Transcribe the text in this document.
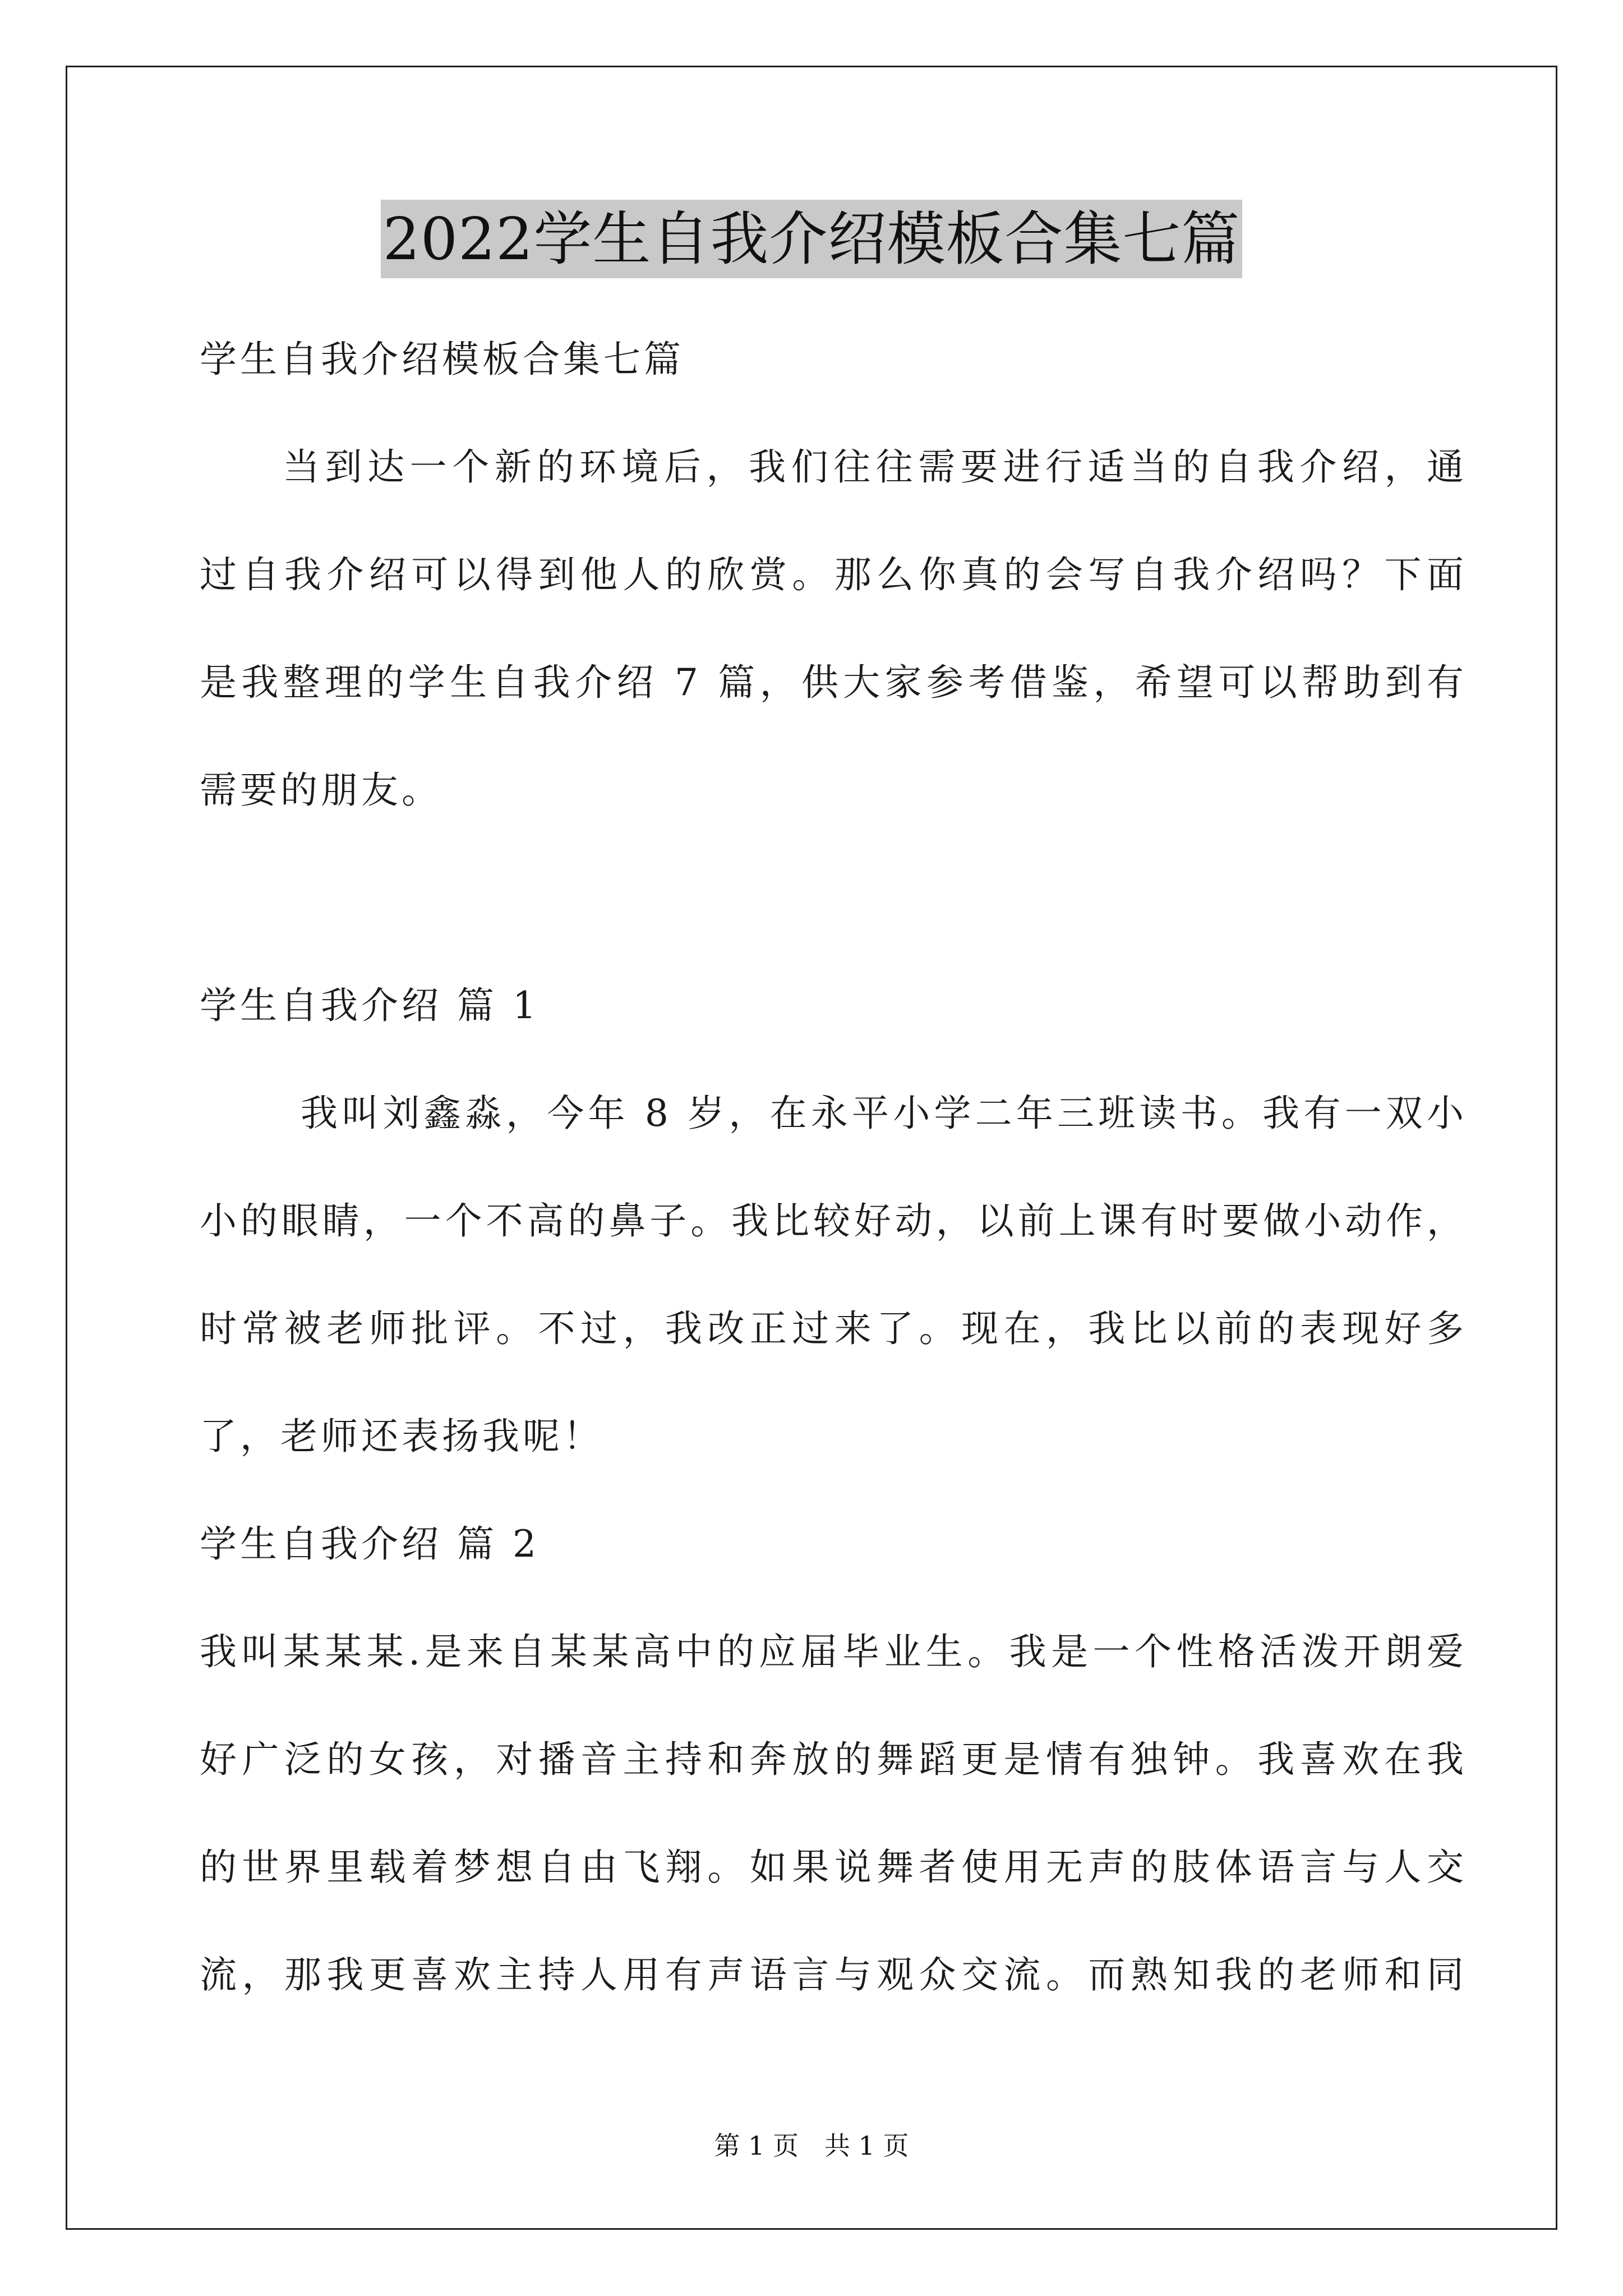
2022学生自我介绍模板合集七篇
学生自我介绍模板合集七篇
当到达一个新的环境后，我们往往需要进行适当的自我介绍，通
过自我介绍可以得到他人的欣赏。那么你真的会写自我介绍吗？下面
是我整理的学生自我介绍 7 篇，供大家参考借鉴，希望可以帮助到有
需要的朋友。
学生自我介绍 篇 1
我叫刘鑫淼，今年 8 岁，在永平小学二年三班读书。我有一双小
小的眼睛，一个不高的鼻子。我比较好动，以前上课有时要做小动作，
时常被老师批评。不过，我改正过来了。现在，我比以前的表现好多
了，老师还表扬我呢！
学生自我介绍 篇 2
我叫某某某.是来自某某高中的应届毕业生。我是一个性格活泼开朗爱
好广泛的女孩，对播音主持和奔放的舞蹈更是情有独钟。我喜欢在我
的世界里载着梦想自由飞翔。如果说舞者使用无声的肢体语言与人交
流，那我更喜欢主持人用有声语言与观众交流。而熟知我的老师和同
第 1 页　共 1 页
